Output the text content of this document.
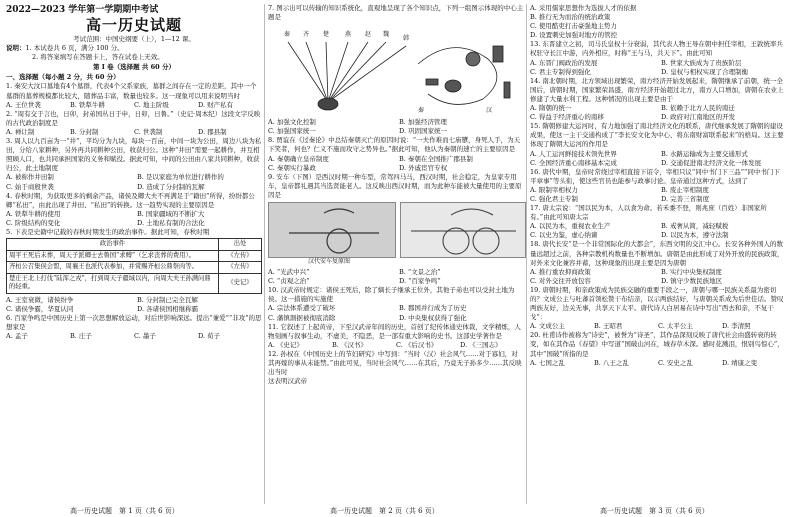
2022—2023 学年第一学期期中考试

高一历史试题

考试范围：中国史纲要（上），1—12 课。

说明：1. 本试卷共 6 页，满分 100 分。

2. 将答案填写在答题卡上，答在试卷上无效。

第 Ⅰ 卷（选择题 共 60 分）

一、选择题（每小题 2 分，共 60 分）

1. 秦安大汶口墓地有4个墓群，代表4个父系家族，墓群之间存在一定的差距，其中一个墓群的墓葬规模都比较大，随葬品丰富，数量也较多。这一现象可以用来说明当时

A. 王位世袭	B. 铁犁牛耕	C. 地主阶级	D. 财产私有

2. “周有交于言也，日卯，封弟国丛日于申，日卯，日鲁。”（史记·周本纪）这段文字反映的古代政治制度是

A. 禅让制	B. 分封制	C. 世袭制	D. 郡县制

3. 周人以九百亩为一“井”，平均分为九块，每块一百亩，中间一块为公田，周边八块为私田，分给八家耕种，另外再共同耕种公田，收获归公。这种“井田”需要一起耕作，并互相照顾人口，也共同承担国家的义务和赋役。据此可知，中间的公田由八家共同耕种，收获归公，此土地制度

A. 被称作井田制	B. 是以家庭为单位进行耕作的
C. 始于商殷世袭	D. 造成了分封制的瓦解

4. 春秋时期，为获取更多的剩余产品，诸侯及卿大夫不再满足于“籍田”所得，纷纷都公卿“私田”，由此出现了井田、“私田”的转换。这一趋势实现的主要原因是

A. 铁犁牛耕的使用	B. 国家疆域的不断扩大
C. 阶级结构的变化	D. 土地私有制的合法化

5. 下表是史籍中记载的春秋时期发生的政治事件。据此可知，春秋时期

政治事件	出处
周平王死后未葬，周天子派卿士去鲁国“求赙”（乞求丧葬的费用）。	《左传》
齐桓公召集侯会盟，周襄王也派代表参加，并赏赐齐桓公鼎祭肉等。	《左传》
楚庄王北上打伐“陆浑之戎”，打到周天子疆域以内，向周大夫王孙满问鼎的轻重。	《史记》
A. 王室衰微，诸侯纷争	B. 分封制已完全瓦解
C. 诸侯争霸，华夏认同	D. 各诸侯国相继称霸

6. 百家争鸣是中国历史上第一次思想解放运动，对后世影响深远。提出“兼爱”“非攻”的思想家是

A. 孟子	B. 庄子	C. 墨子	D. 荀子

7. 图示出可以传输的知识系统化，直观地呈现了各个知识点，下列一组图示体现的中心主题是

秦 齐 楚	燕 赵 魏
韩
汉
秦
A. 加强文化控制	B. 加强经济管理
C. 加强国家统一	D. 巩固国家统一

8. 贾谊在《过秦论》中总结秦朝灭亡的原因时说：“一夫作难而七庙隳，身死人手，为天下笑者，何也？仁义不施而攻守之势异也。”据此可知，他认为秦朝的速亡的主要原因是

A. 秦朝确立皇帝制度	B. 秦朝在全国推广郡县制
C. 秦朝实行暴政	D. 外戚宦官专权

9. 安车（下图）是西汉时期一种车型，常驾四马马，西汉时期，社会稳定，为皇家专用车，皇帝都礼遇其当选贤能老人。这反映出西汉时期，而为此种车能被大量使用的主要原因是

汉代安车复原图
A. “光武中兴”	B. “文景之治”
C. “贞观之治”	D. “百家争鸣”

10. 汉武帝时规定：诸侯王死后，除了嫡长子继承王位外，其他子弟也可以受封土地为侯。这一措施的实施使

A. 宗法体系遭受了破坏	B. 郡国并行成为了历史
C. 藩镇割据被彻底消除	D. 中央集权获得了强化

11. 它叙述了上起黄帝，下至汉武帝年间的历史，首创了纪传体通史体裁，文学精炼，人物刻画与叙事生动，不虚美，不隐恶，是一部有重大影响的史书。这部史学著作是

A. 《史记》	B. 《汉书》	C. 《后汉书》	D. 《三国志》

12. 孙权在《中国历史上的节妇研究》中写到：“当时（汉）社会风气……对于寡妇，对其再嫁的事从未能禁。”由此可见，当时社会风气……在其后，乃竟无子孙多少……其反映出当时

这表明汉武帝

A. 采用儒家思想作为选拔人才的依据
B. 推行无为而治的统治政策
C. 使用酷吏打击豪强地主势力
D. 设置刺史加强对地方的管控

13. 东晋建立之初，司马氏皇权十分衰弱，其代表人物王导在朝中担任宰相，王敦统率兵权驻守长江中游，内外相应，时称“王与马，共天下”。由此可知

A. 东晋门阀政治的发展	B. 世家大族成为了贵族阶层
C. 君主专制得到强化	D. 皇权与相权实现了合理制衡

14. 南北朝时期，北方领域出现繁荣，南方经济开始发展起来，隋朝继承了前朝，统一全国后，唐朝时期，国家繁荣昌盛，南方经济开始超过北方，南方人口增加，唐朝在农业上修建了大量水利工程。这种情况的出现主要是由于

A. 隋朝的统一	B. 依赖于北方人民的南迁
C. 得益于经济重心的南移	D. 政府对江南地区的开发

15. 隋朝修建大运河时，有力地加强了南北经济文化的联系，唐代继承发展了隋朝的建设成果，使这一主干交通构成了“李长安文化为中心、将东南财富联系起来”的格局。这主要体现了隋朝大运河的作用是

A. 人工运河鲜接技术领先世界	B. 水路运输成为主要交通形式
C. 全国经济重心南移基本完成	D. 交通促进南北经济文化一体发展

16. 唐代中期，皇帝时常绕过宰相直接下诏令，宰相只议“同中书门下三品”“同中书门下平章事”等头衔，使这些官员也能参与政事讨论。皇帝通过这种方式，达到了

A. 限制宰相权力	B. 废止宰相制度
C. 强化君主专制	D. 完善三省制度

17. 唐太宗说：“国以民为本，人以食为命。若禾黍不登，则兆庶（百姓）非国家所有。”由此可知唐太宗

A. 以民为本，重视农业生产	B. 戒奢从简，减轻赋税
C. 以史为鉴，虚心纳谏	D. 以民为本，遵守法制

18. 唐代长安“是一个非常国际化的大都会”，东西文明的交汇中心。长安各种外国人的数量远超过之前，各种宗教机构数量也不断增加。唐朝是由此形成了对外开放的民族政策，对外来文化兼容并蓄，这种现象的出现主要是因为唐朝

A. 推行重农抑商政策	B. 实行中央集权制度
C. 对外交往开放包容	D. 镇守少数民族地区

19. 唐朝时期，和亲政策成为民族交融的重要手段之一，唐朝与哪一民族关系最为密切的？文成公主与吐蕃首领松赞干布结亲，以示两族结好，与唐朝关系成为后世佳话。赞叹两族友好，边关无事，共享天下太平。唐代诗人白居易在诗中写出“西去和亲，不复干戈”：

A. 文成公主	B. 王昭君	C. 太平公主	D. 李清照

20. 杜甫诗作被称为“诗史”，被誉为“诗圣”，其作品深刻反映了唐代社会由盛转衰的转变，如在其作品《春望》中写道“国破山河在，城春草木深。感时花溅泪，恨别鸟惊心”，其中“国破”所指的是

A. 七国之乱	B. 八王之乱	C. 安史之乱	D. 靖康之变
高一历史试题　第 1 页（共 6 页）	高一历史试题　第 2 页（共 6 页）	高一历史试题　第 3 页（共 6 页）
